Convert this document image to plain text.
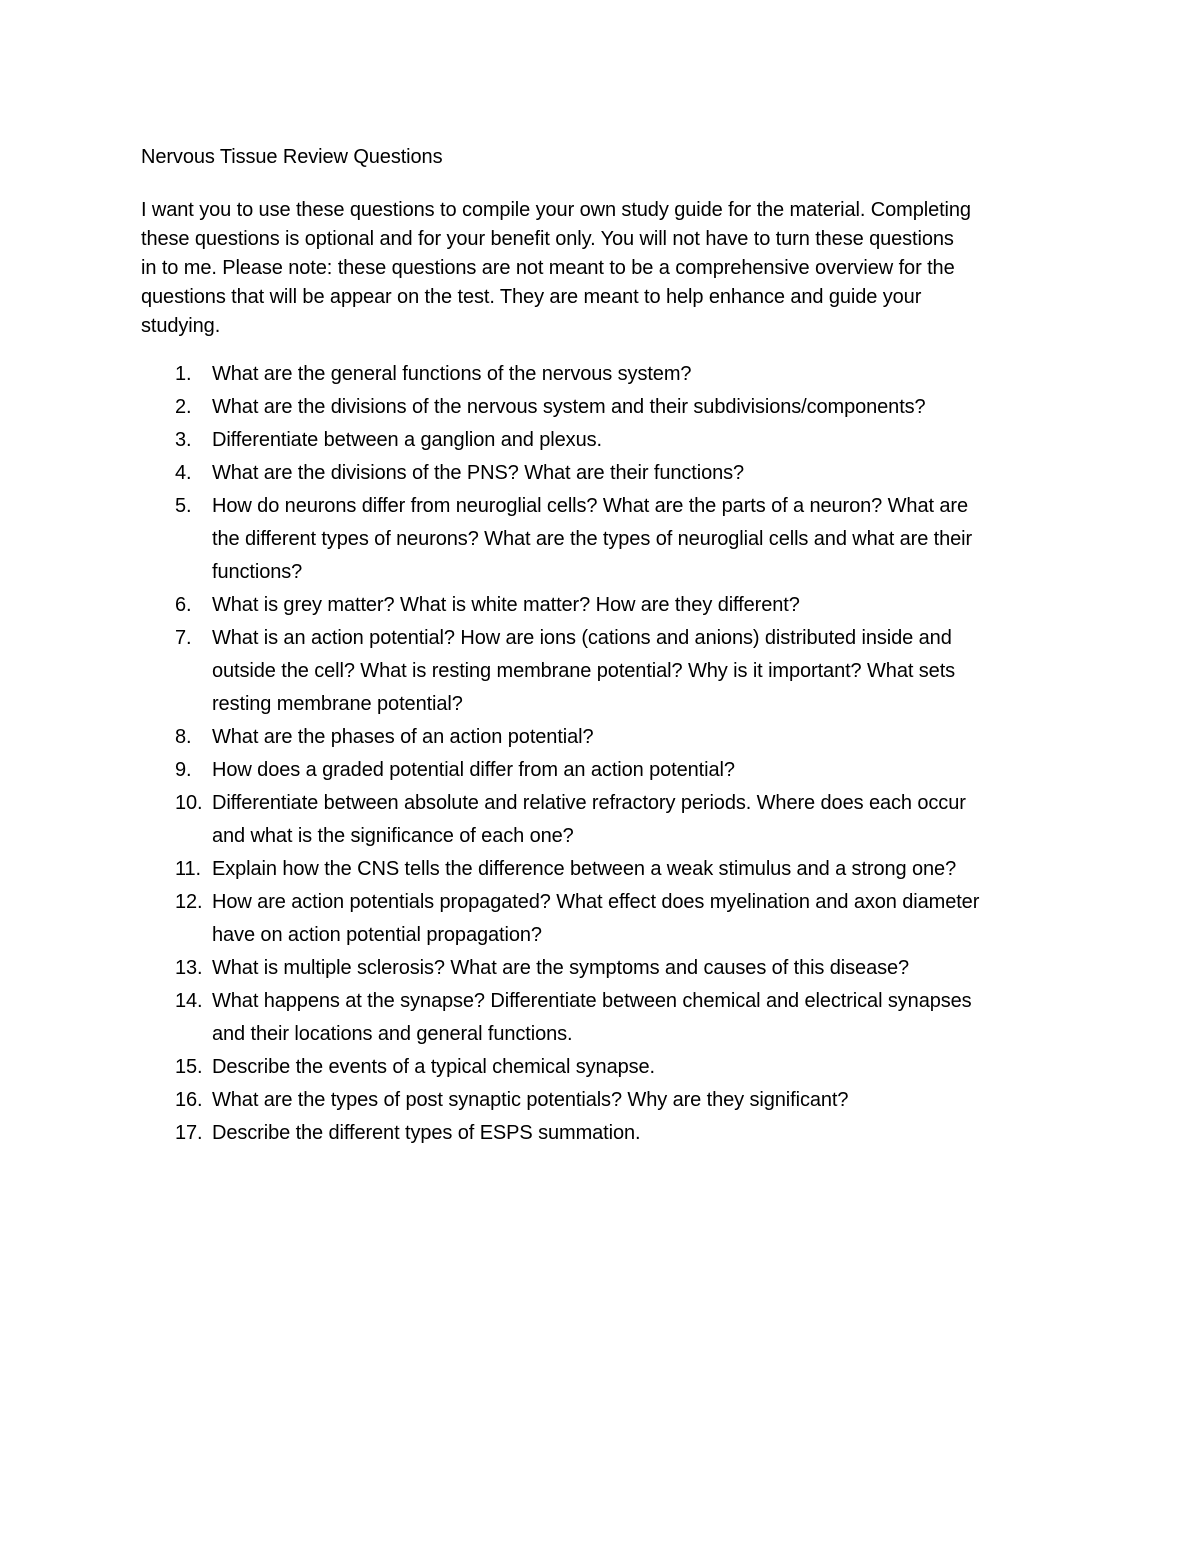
Nervous Tissue Review Questions
I want you to use these questions to compile your own study guide for the material. Completing
these questions is optional and for your benefit only. You will not have to turn these questions
in to me. Please note: these questions are not meant to be a comprehensive overview for the
questions that will be appear on the test. They are meant to help enhance and guide your
studying.
1. What are the general functions of the nervous system?
2. What are the divisions of the nervous system and their subdivisions/components?
3. Differentiate between a ganglion and plexus.
4. What are the divisions of the PNS? What are their functions?
5. How do neurons differ from neuroglial cells? What are the parts of a neuron? What are
the different types of neurons? What are the types of neuroglial cells and what are their
functions?
6. What is grey matter? What is white matter? How are they different?
7. What is an action potential? How are ions (cations and anions) distributed inside and
outside the cell? What is resting membrane potential? Why is it important? What sets
resting membrane potential?
8. What are the phases of an action potential?
9. How does a graded potential differ from an action potential?
10. Differentiate between absolute and relative refractory periods. Where does each occur
and what is the significance of each one?
11. Explain how the CNS tells the difference between a weak stimulus and a strong one?
12. How are action potentials propagated? What effect does myelination and axon diameter
have on action potential propagation?
13. What is multiple sclerosis? What are the symptoms and causes of this disease?
14. What happens at the synapse? Differentiate between chemical and electrical synapses
and their locations and general functions.
15. Describe the events of a typical chemical synapse.
16. What are the types of post synaptic potentials? Why are they significant?
17. Describe the different types of ESPS summation.
